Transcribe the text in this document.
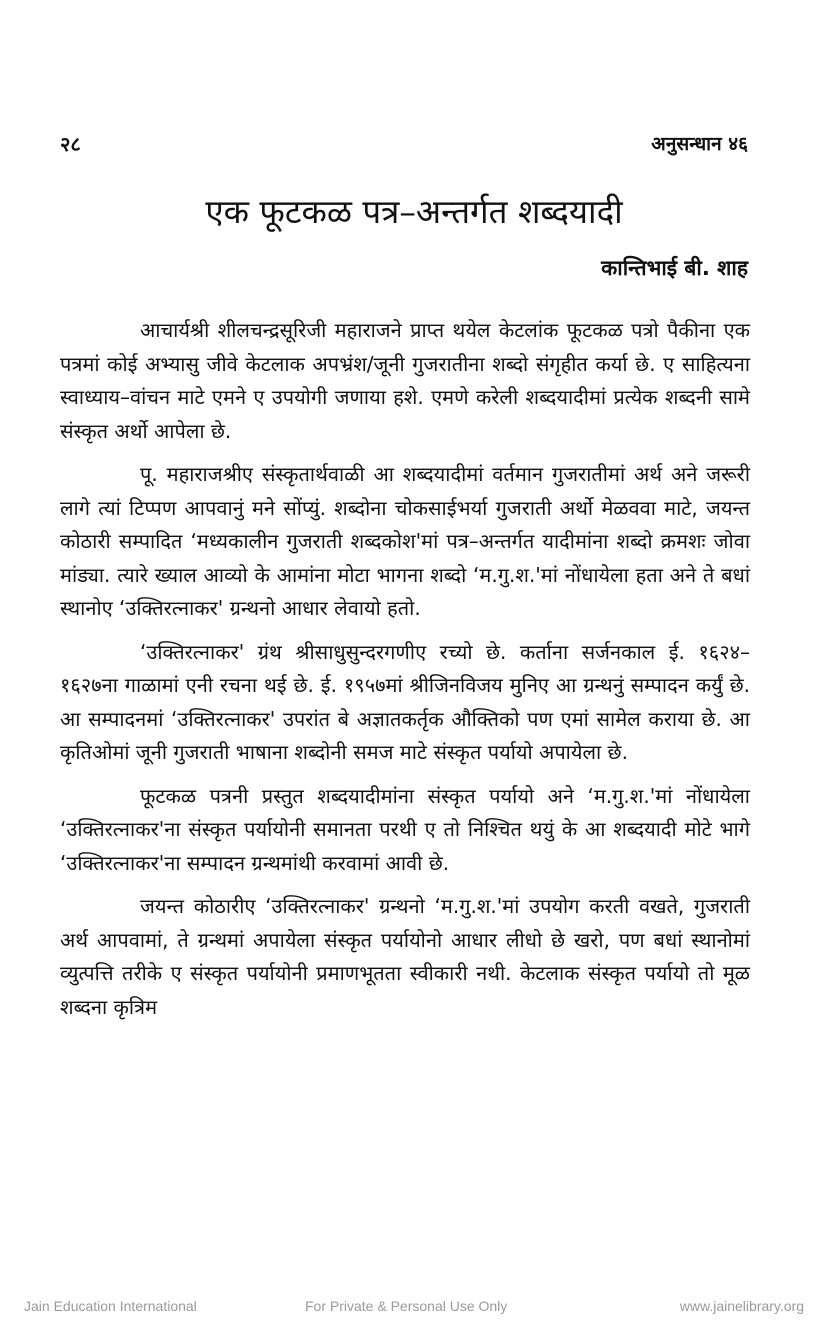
२८	अनुसन्धान ४६
एक फूटकळ पत्र–अन्तर्गत शब्दयादी
कान्तिभाई बी. शाह

आचार्यश्री शीलचन्द्रसूरिजी महाराजने प्राप्त थयेल केटलांक फूटकळ पत्रो पैकीना एक पत्रमां कोई अभ्यासु जीवे केटलाक अपभ्रंश/जूनी गुजरातीना शब्दो संगृहीत कर्या छे. ए साहित्यना स्वाध्याय–वांचन माटे एमने ए उपयोगी जणाया हशे. एमणे करेली शब्दयादीमां प्रत्येक शब्दनी सामे संस्कृत अर्थो आपेला छे.

पू. महाराजश्रीए संस्कृतार्थवाळी आ शब्दयादीमां वर्तमान गुजरातीमां अर्थ अने जरूरी लागे त्यां टिप्पण आपवानुं मने सोंप्युं. शब्दोना चोकसाईभर्या गुजराती अर्थो मेळववा माटे, जयन्त कोठारी सम्पादित ‘मध्यकालीन गुजराती शब्दकोश'मां पत्र–अन्तर्गत यादीमांना शब्दो क्रमशः जोवा मांड्या. त्यारे ख्याल आव्यो के आमांना मोटा भागना शब्दो ‘म.गु.श.'मां नोंधायेला हता अने ते बधां स्थानोए ‘उक्तिरत्नाकर' ग्रन्थनो आधार लेवायो हतो.

‘उक्तिरत्नाकर' ग्रंथ श्रीसाधुसुन्दरगणीए रच्यो छे. कर्ताना सर्जनकाल ई. १६२४–१६२७ना गाळामां एनी रचना थई छे. ई. १९५७मां श्रीजिनविजय मुनिए आ ग्रन्थनुं सम्पादन कर्युं छे. आ सम्पादनमां ‘उक्तिरत्नाकर' उपरांत बे अज्ञातकर्तृक औक्तिको पण एमां सामेल कराया छे. आ कृतिओमां जूनी गुजराती भाषाना शब्दोनी समज माटे संस्कृत पर्यायो अपायेला छे.

फूटकळ पत्रनी प्रस्तुत शब्दयादीमांना संस्कृत पर्यायो अने ‘म.गु.श.'मां नोंधायेला ‘उक्तिरत्नाकर'ना संस्कृत पर्यायोनी समानता परथी ए तो निश्चित थयुं के आ शब्दयादी मोटे भागे ‘उक्तिरत्नाकर'ना सम्पादन ग्रन्थमांथी करवामां आवी छे.

जयन्त कोठारीए ‘उक्तिरत्नाकर' ग्रन्थनो ‘म.गु.श.'मां उपयोग करती वखते, गुजराती अर्थ आपवामां, ते ग्रन्थमां अपायेला संस्कृत पर्यायोनो आधार लीधो छे खरो, पण बधां स्थानोमां व्युत्पत्ति तरीके ए संस्कृत पर्यायोनी प्रमाणभूतता स्वीकारी नथी. केटलाक संस्कृत पर्यायो तो मूळ शब्दना कृत्रिम

Jain Education International	For Private & Personal Use Only	www.jainelibrary.org
